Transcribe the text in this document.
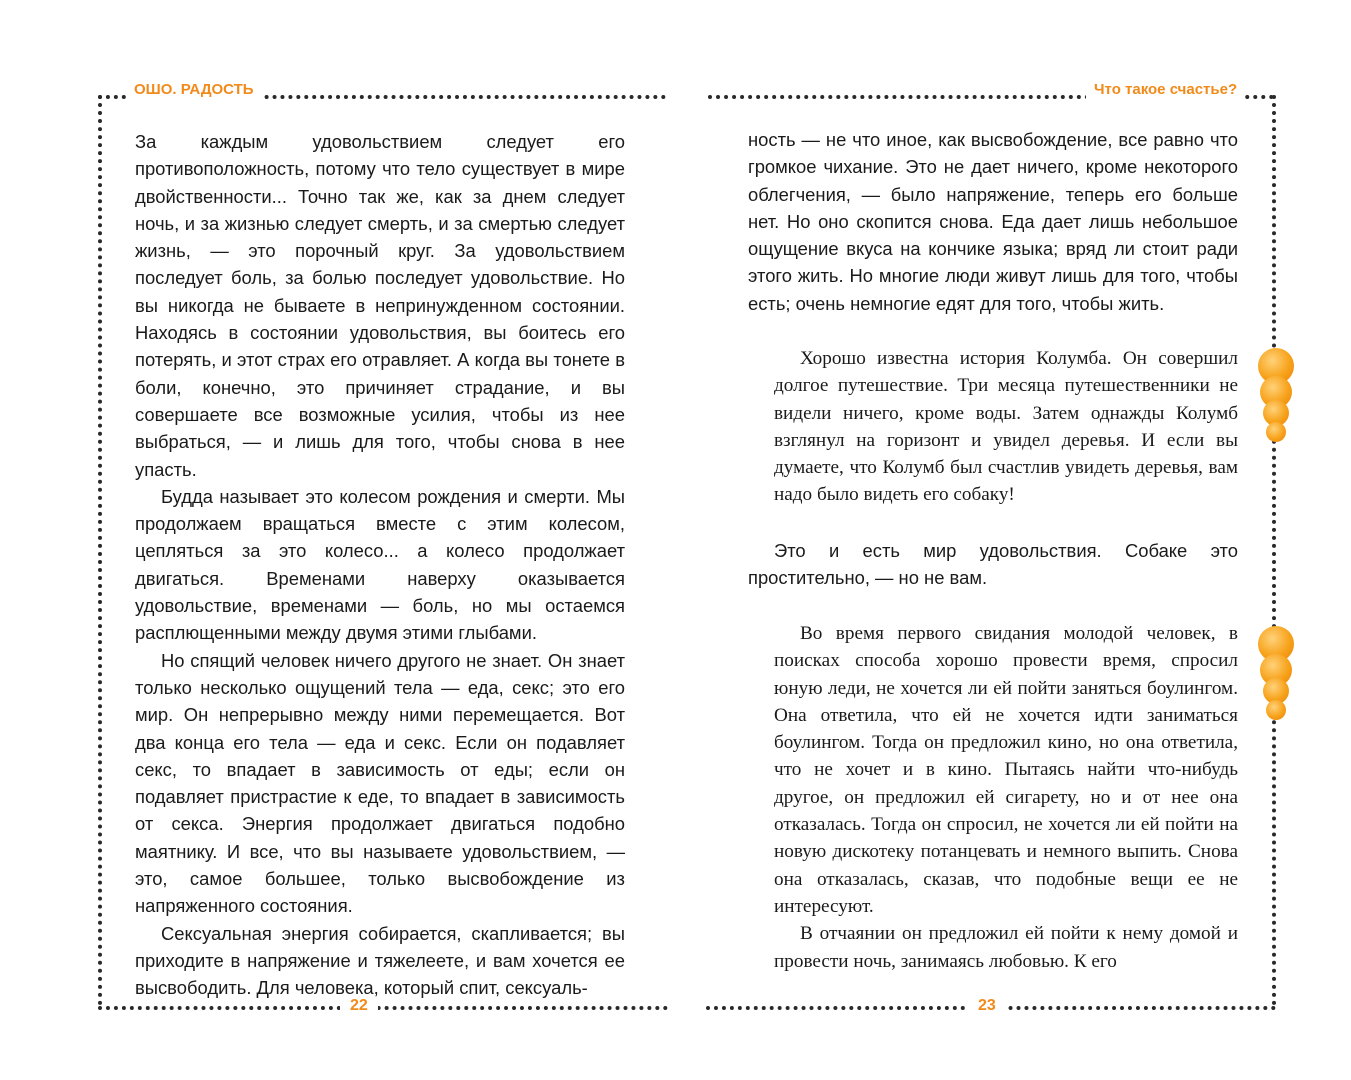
ОШО. РАДОСТЬ
22
Что такое счастье?
23

За каждым удовольствием следует его противоположность, потому что тело существует в мире двойственности... Точно так же, как за днем следует ночь, и за жизнью следует смерть, и за смертью следует жизнь, — это порочный круг. За удовольствием последует боль, за болью последует удовольствие. Но вы никогда не бываете в непринужденном состоянии. Находясь в состоянии удовольствия, вы боитесь его потерять, и этот страх его отравляет. А когда вы тонете в боли, конечно, это причиняет страдание, и вы совершаете все возможные усилия, чтобы из нее выбраться, — и лишь для того, чтобы снова в нее упасть.

Будда называет это колесом рождения и смерти. Мы продолжаем вращаться вместе с этим колесом, цепляться за это колесо... а колесо продолжает двигаться. Временами наверху оказывается удовольствие, временами — боль, но мы остаемся расплющенными между двумя этими глыбами.

Но спящий человек ничего другого не знает. Он знает только несколько ощущений тела — еда, секс; это его мир. Он непрерывно между ними перемещается. Вот два конца его тела — еда и секс. Если он подавляет секс, то впадает в зависимость от еды; если он подавляет пристрастие к еде, то впадает в зависимость от секса. Энергия продолжает двигаться подобно маятнику. И все, что вы называете удовольствием, — это, самое большее, только высвобождение из напряженного состояния.

Сексуальная энергия собирается, скапливается; вы приходите в напряжение и тяжелеете, и вам хочется ее высвободить. Для человека, который спит, сексуаль-

ность — не что иное, как высвобождение, все равно что громкое чихание. Это не дает ничего, кроме некоторого облегчения, — было напряжение, теперь его больше нет. Но оно скопится снова. Еда дает лишь небольшое ощущение вкуса на кончике языка; вряд ли стоит ради этого жить. Но многие люди живут лишь для того, чтобы есть; очень немногие едят для того, чтобы жить.

Хорошо известна история Колумба. Он совершил долгое путешествие. Три месяца путешественники не видели ничего, кроме воды. Затем однажды Колумб взглянул на горизонт и увидел деревья. И если вы думаете, что Колумб был счастлив увидеть деревья, вам надо было видеть его собаку!

Это и есть мир удовольствия. Собаке это простительно, — но не вам.

Во время первого свидания молодой человек, в поисках способа хорошо провести время, спросил юную леди, не хочется ли ей пойти заняться боулингом. Она ответила, что ей не хочется идти заниматься боулингом. Тогда он предложил кино, но она ответила, что не хочет и в кино. Пытаясь найти что-нибудь другое, он предложил ей сигарету, но и от нее она отказалась. Тогда он спросил, не хочется ли ей пойти на новую дискотеку потанцевать и немного выпить. Снова она отказалась, сказав, что подобные вещи ее не интересуют.

В отчаянии он предложил ей пойти к нему домой и провести ночь, занимаясь любовью. К его
